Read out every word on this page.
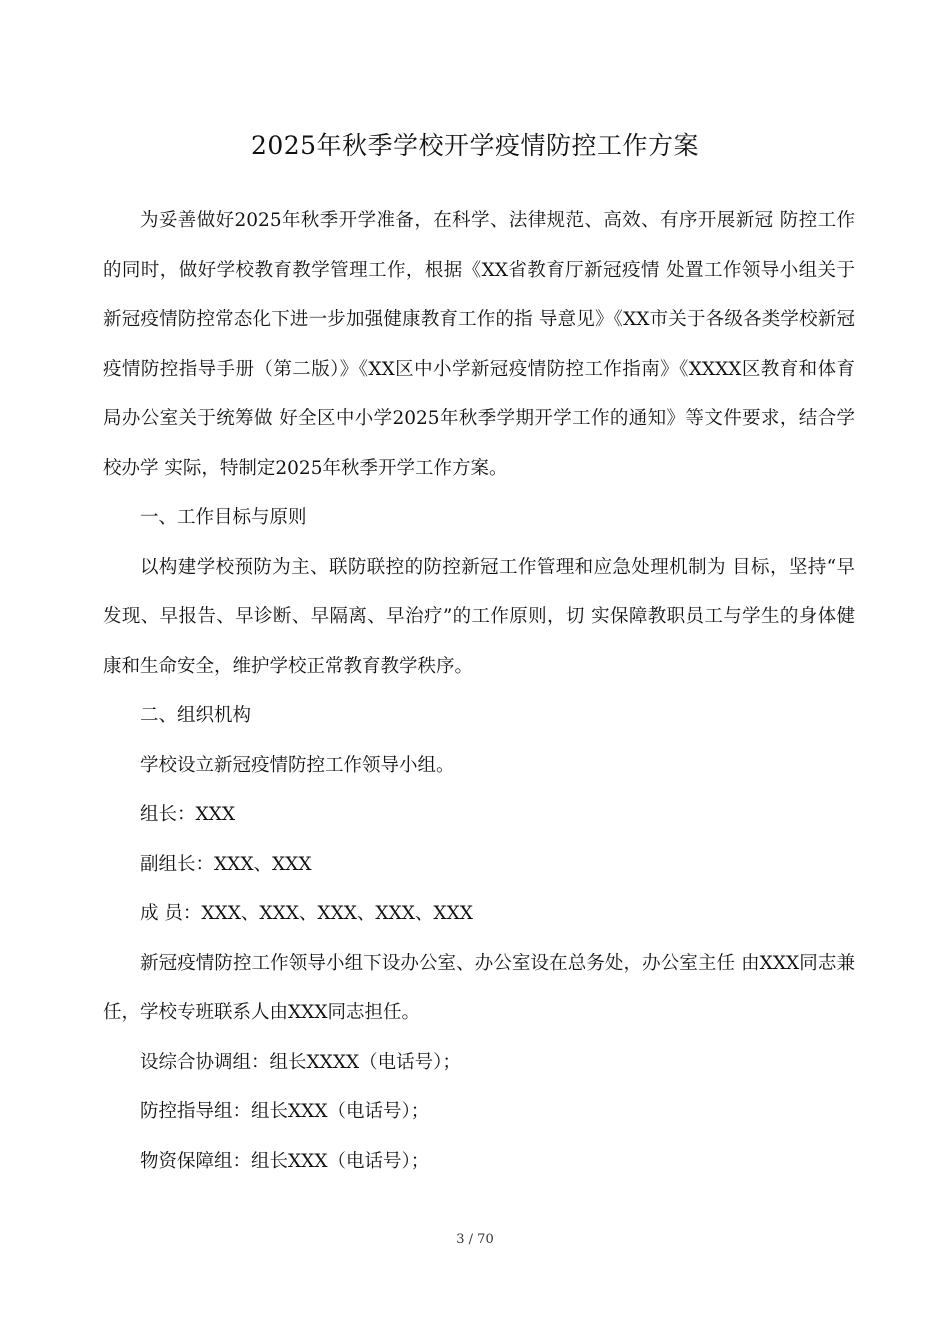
2025年秋季学校开学疫情防控工作方案

为妥善做好2025年秋季开学准备，在科学、法律规范、高效、有序开展新冠 防控工作的同时，做好学校教育教学管理工作，根据《XX省教育厅新冠疫情 处置工作领导小组关于新冠疫情防控常态化下进一步加强健康教育工作的指 导意见》《XX市关于各级各类学校新冠疫情防控指导手册（第二版）》《XX区中小学新冠疫情防控工作指南》《XXXX区教育和体育局办公室关于统筹做 好全区中小学2025年秋季学期开学工作的通知》等文件要求，结合学校办学 实际，特制定2025年秋季开学工作方案。

一、工作目标与原则

以构建学校预防为主、联防联控的防控新冠工作管理和应急处理机制为 目标，坚持“早发现、早报告、早诊断、早隔离、早治疗”的工作原则，切 实保障教职员工与学生的身体健康和生命安全，维护学校正常教育教学秩序。

二、组织机构

学校设立新冠疫情防控工作领导小组。

组长：XXX

副组长：XXX、XXX

成 员：XXX、XXX、XXX、XXX、XXX

新冠疫情防控工作领导小组下设办公室、办公室设在总务处，办公室主任 由XXX同志兼任，学校专班联系人由XXX同志担任。

设综合协调组：组长XXXX（电话号）；

防控指导组：组长XXX（电话号）；

物资保障组：组长XXX（电话号）；

3 / 70
